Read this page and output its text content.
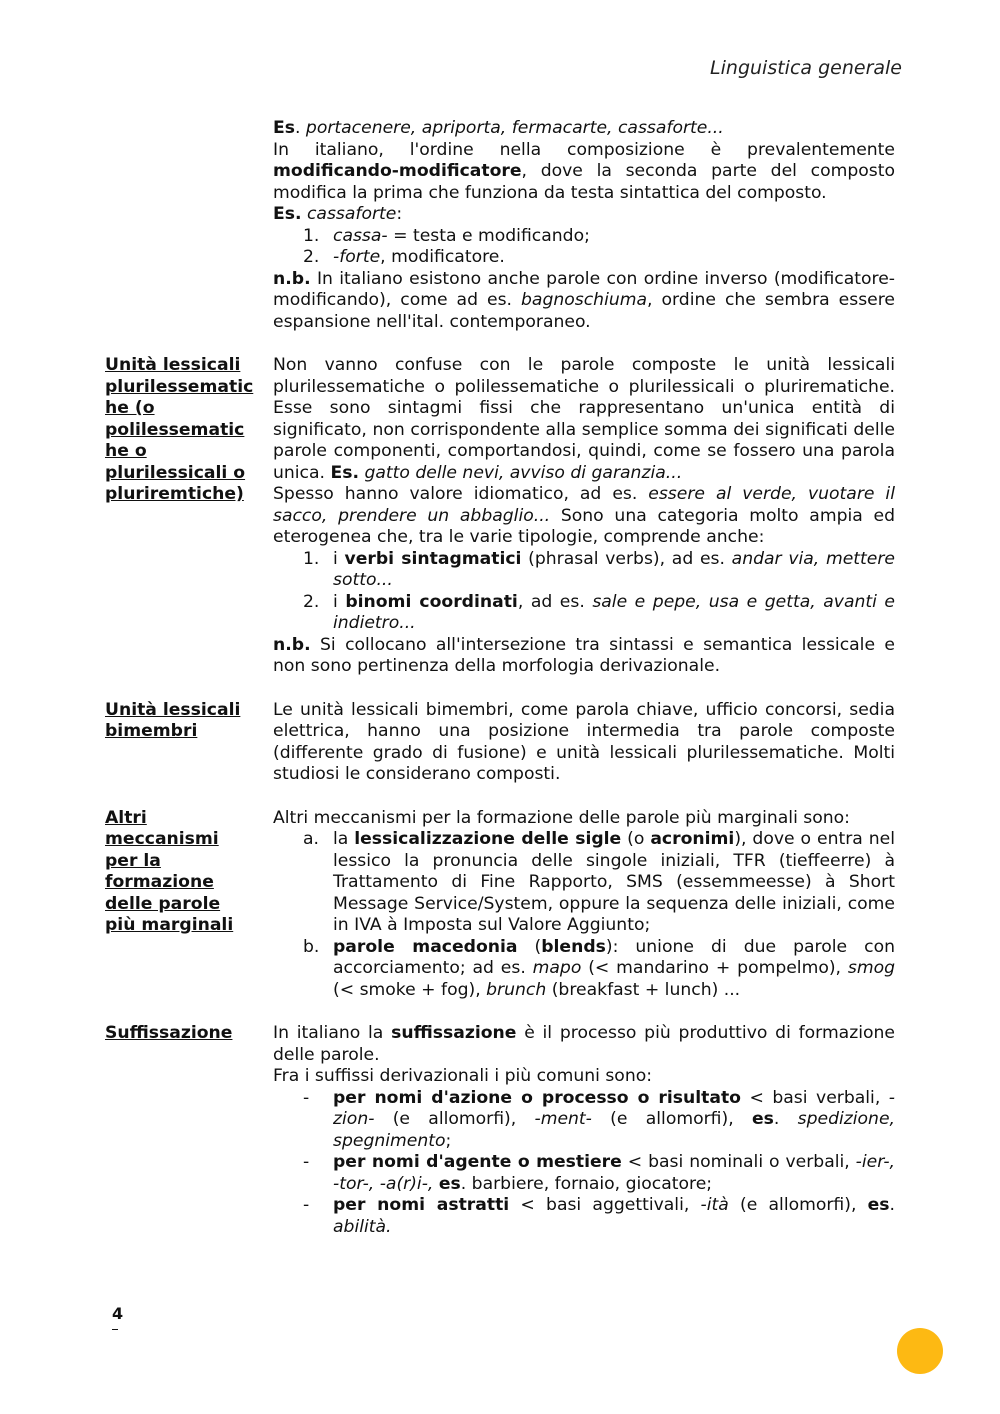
Linguistica generale

Es. portacenere, apriporta, fermacarte, cassaforte...

In italiano, l'ordine nella composizione è prevalentemente modificando-modificatore, dove la seconda parte del composto modifica la prima che funziona da testa sintattica del composto.

Es. cassaforte:

1. cassa- = testa e modificando;
2. -forte, modificatore.

n.b. In italiano esistono anche parole con ordine inverso (modificatore-modificando), come ad es. bagnoschiuma, ordine che sembra essere espansione nell'ital. contemporaneo.

Unità lessicali plurilessematiche (o polilessematiche o plurilessicali o pluriremtiche)

Non vanno confuse con le parole composte le unità lessicali plurilessematiche o polilessematiche o plurilessicali o plurirematiche. Esse sono sintagmi fissi che rappresentano un'unica entità di significato, non corrispondente alla semplice somma dei significati delle parole componenti, comportandosi, quindi, come se fossero una parola unica. Es. gatto delle nevi, avviso di garanzia...

Spesso hanno valore idiomatico, ad es. essere al verde, vuotare il sacco, prendere un abbaglio... Sono una categoria molto ampia ed eterogenea che, tra le varie tipologie, comprende anche:

1. i verbi sintagmatici (phrasal verbs), ad es. andar via, mettere sotto...
2. i binomi coordinati, ad es. sale e pepe, usa e getta, avanti e indietro...

n.b. Si collocano all'intersezione tra sintassi e semantica lessicale e non sono pertinenza della morfologia derivazionale.

Unità lessicali bimembri

Le unità lessicali bimembri, come parola chiave, ufficio concorsi, sedia elettrica, hanno una posizione intermedia tra parole composte (differente grado di fusione) e unità lessicali plurilessematiche. Molti studiosi le considerano composti.

Altri meccanismi per la formazione delle parole più marginali

Altri meccanismi per la formazione delle parole più marginali sono:

a. la lessicalizzazione delle sigle (o acronimi), dove o entra nel lessico la pronuncia delle singole iniziali, TFR (tieffeerre) à Trattamento di Fine Rapporto, SMS (essemmeesse) à Short Message Service/System, oppure la sequenza delle iniziali, come in IVA à Imposta sul Valore Aggiunto;
b. parole macedonia (blends): unione di due parole con accorciamento; ad es. mapo (< mandarino + pompelmo), smog (< smoke + fog), brunch (breakfast + lunch) ...
Suffissazione	In italiano la suffissazione è il processo più produttivo di formazione delle parole.

Fra i suffissi derivazionali i più comuni sono:

- per nomi d'azione o processo o risultato < basi verbali, -zion- (e allomorfi), -ment- (e allomorfi), es. spedizione, spegnimento;
- per nomi d'agente o mestiere < basi nominali o verbali, -ier-, -tor-, -a(r)i-, es. barbiere, fornaio, giocatore;
- per nomi astratti < basi aggettivali, -ità (e allomorfi), es. abilità.
4
